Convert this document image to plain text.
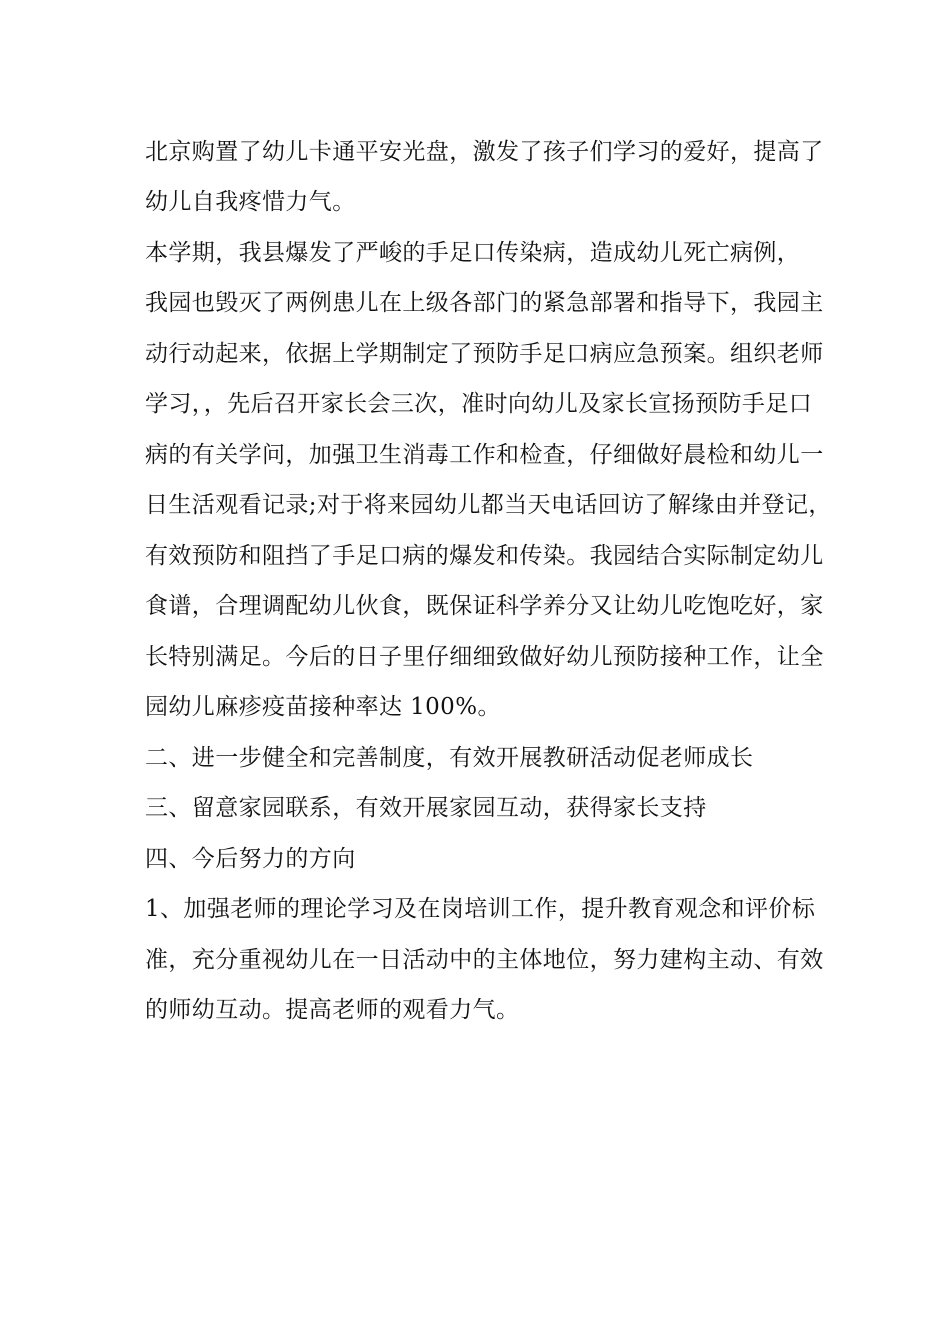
北京购置了幼儿卡通平安光盘，激发了孩子们学习的爱好，提高了
幼儿自我疼惜力气。
本学期，我县爆发了严峻的手足口传染病，造成幼儿死亡病例，
我园也毁灭了两例患儿在上级各部门的紧急部署和指导下，我园主
动行动起来，依据上学期制定了预防手足口病应急预案。组织老师
学习，，先后召开家长会三次，准时向幼儿及家长宣扬预防手足口
病的有关学问，加强卫生消毒工作和检查，仔细做好晨检和幼儿一
日生活观看记录;对于将来园幼儿都当天电话回访了解缘由并登记，
有效预防和阻挡了手足口病的爆发和传染。我园结合实际制定幼儿
食谱，合理调配幼儿伙食，既保证科学养分又让幼儿吃饱吃好，家
长特别满足。今后的日子里仔细细致做好幼儿预防接种工作，让全
园幼儿麻疹疫苗接种率达 100%。
二、进一步健全和完善制度，有效开展教研活动促老师成长
三、留意家园联系，有效开展家园互动，获得家长支持
四、今后努力的方向
1、加强老师的理论学习及在岗培训工作，提升教育观念和评价标
准，充分重视幼儿在一日活动中的主体地位，努力建构主动、有效
的师幼互动。提高老师的观看力气。
